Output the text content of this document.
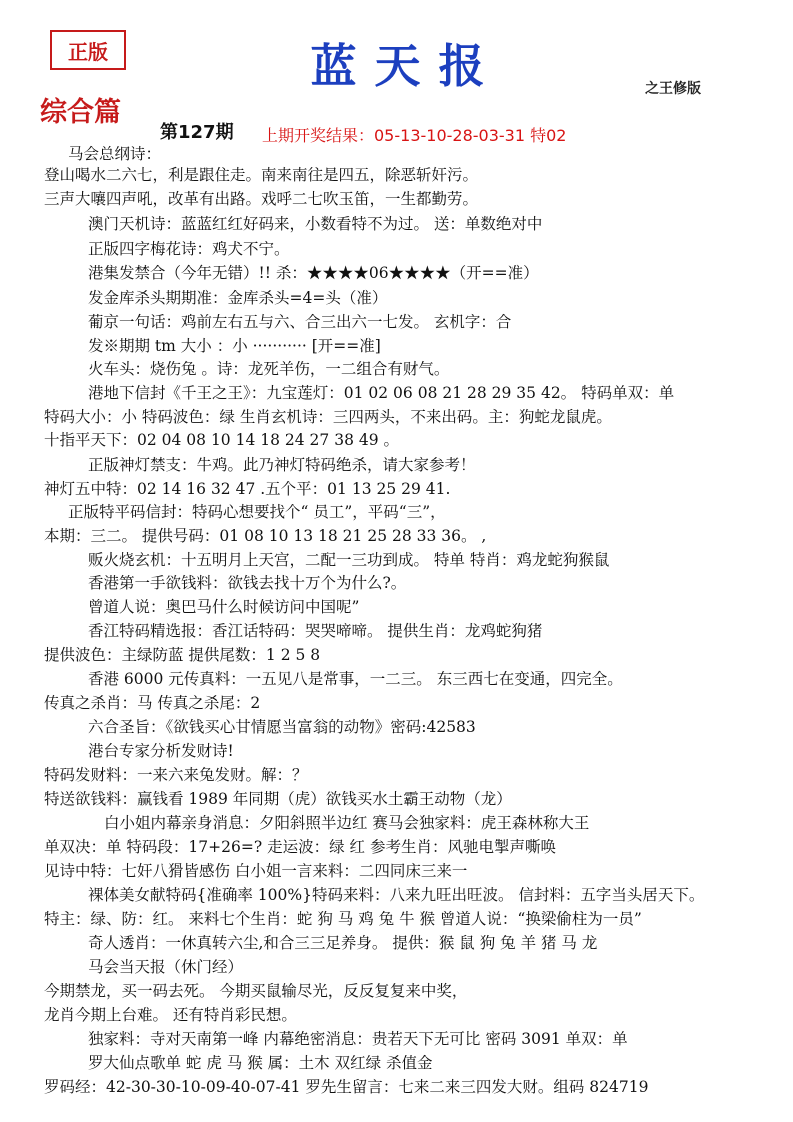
正版	蓝天报	之王修版
综合篇
第127期 上期开奖结果：05-13-10-28-03-31 特02
马会总纲诗：
登山喝水二六七，利是跟住走。南来南往是四五，除恶斩奸污。
三声大嚷四声吼，改革有出路。戏呼二七吹玉笛，一生都勤劳。
澳门天机诗：蓝蓝红红好码来，小数看特不为过。 送：单数绝对中
正版四字梅花诗：鸡犬不宁。
港集发禁合（今年无错）!! 杀：★★★★06★★★★（开==准）
发金库杀头期期准：金库杀头=4=头（准）
葡京一句话：鸡前左右五与六、合三出六一七发。 玄机字：合
发※期期 tm 大小 ：小 ··········· [开==准]
火车头：烧伤兔 。诗：龙死羊伤，一二组合有财气。
港地下信封《千王之王》：九宝莲灯：01 02 06 08 21 28 29 35 42。 特码单双：单
特码大小：小 特码波色：绿 生肖玄机诗：三四两头，不来出码。主：狗蛇龙鼠虎。
十指平天下：02 04 08 10 14 18 24 27 38 49 。
正版神灯禁支：牛鸡。此乃神灯特码绝杀，请大家参考！
神灯五中特：02 14 16 32 47 .五个平：01 13 25 29 41.
正版特平码信封：特码心想要找个“ 员工”，平码“三”，
本期：三二。 提供号码：01 08 10 13 18 21 25 28 33 36。 ,
贩火烧玄机：十五明月上天宫，二配一三功到成。 特单 特肖：鸡龙蛇狗猴鼠
香港第一手欲钱料：欲钱去找十万个为什么?。
曾道人说：奥巴马什么时候访问中国呢”
香江特码精选报：香江话特码：哭哭啼啼。 提供生肖：龙鸡蛇狗猪
提供波色：主绿防蓝 提供尾数：1 2 5 8
香港 6000 元传真料：一五见八是常事，一二三。 东三西七在变通，四完全。
传真之杀肖：马 传真之杀尾：2
六合圣旨：《欲钱买心甘情愿当富翁的动物》密码:42583
港台专家分析发财诗!
特码发财料：一来六来兔发财。解：？
特送欲钱料：赢钱看 1989 年同期（虎）欲钱买水土霸王动物（龙）
白小姐内幕亲身消息：夕阳斜照半边红 赛马会独家料：虎王森林称大王
单双决：单 特码段：17+26=? 走运波：绿 红 参考生肖：风驰电掣声嘶唤
见诗中特：七奸八猾皆感伤 白小姐一言来料：二四同床三来一
裸体美女献特码{准确率 100%}特码来料：八来九旺出旺波。 信封料：五字当头居天下。
特主：绿、防：红。 来料七个生肖：蛇 狗 马 鸡 兔 牛 猴 曾道人说：“换梁偷柱为一员”
奇人透肖：一休真转六尘,和合三三足养身。 提供：猴 鼠 狗 兔 羊 猪 马 龙
马会当天报（休门经）
今期禁龙，买一码去死。 今期买鼠输尽光，反反复复来中奖，
龙肖今期上台难。 还有特肖彩民想。
独家料：寺对天南第一峰 内幕绝密消息：贵若天下无可比 密码 3091 单双：单
罗大仙点歌单 蛇 虎 马 猴 属：土木 双红绿 杀值金
罗码经：42-30-30-10-09-40-07-41 罗先生留言：七来二来三四发大财。组码 824719
